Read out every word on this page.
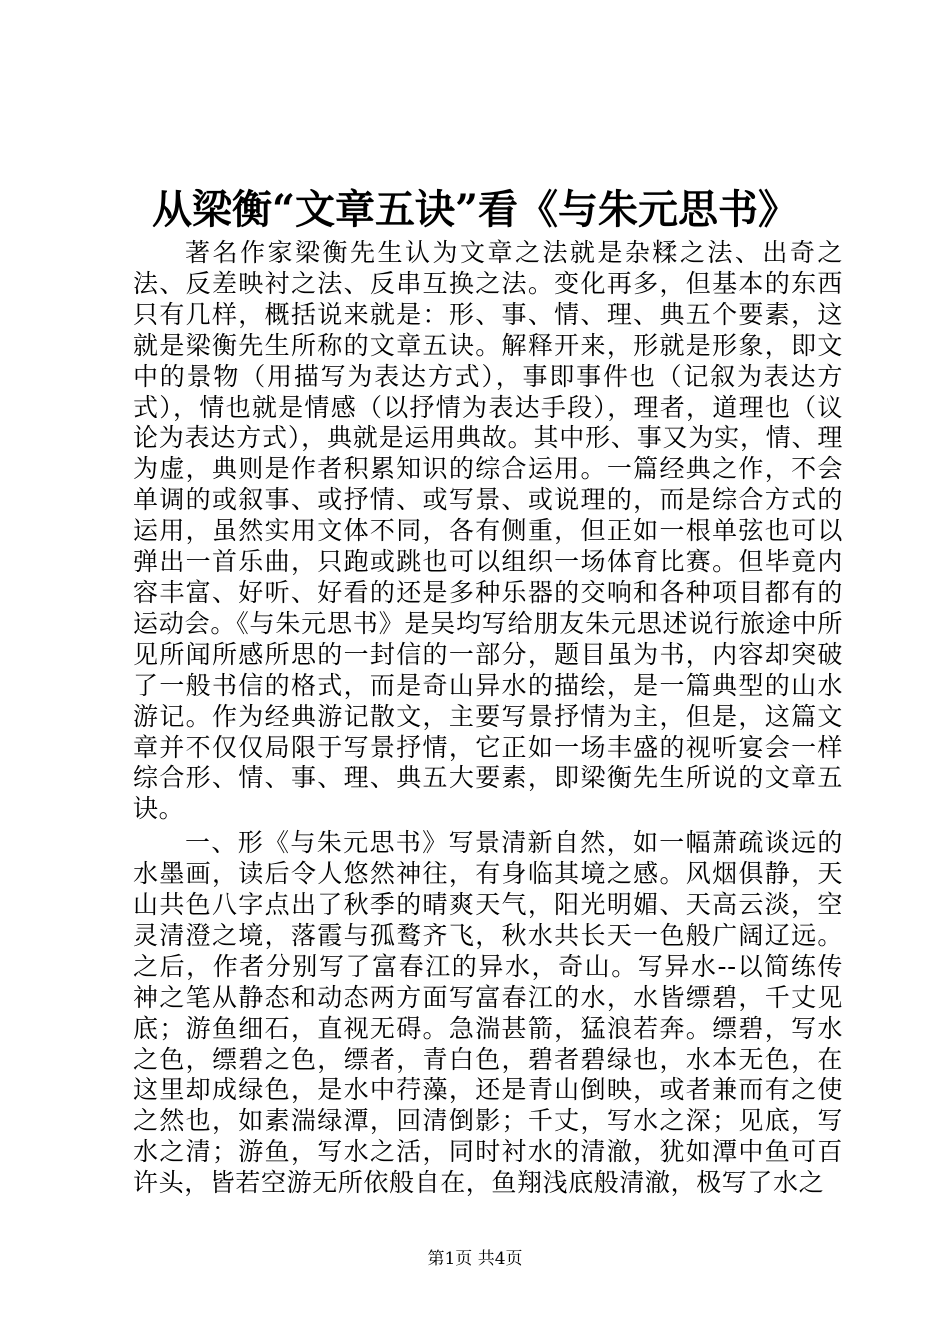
从梁衡“文章五诀”看《与朱元思书》

著名作家梁衡先生认为文章之法就是杂糅之法、出奇之法、反差映衬之法、反串互换之法。变化再多，但基本的东西只有几样，概括说来就是：形、事、情、理、典五个要素，这就是梁衡先生所称的文章五诀。解释开来，形就是形象，即文中的景物（用描写为表达方式），事即事件也（记叙为表达方式），情也就是情感（以抒情为表达手段），理者，道理也（议论为表达方式），典就是运用典故。其中形、事又为实，情、理为虚，典则是作者积累知识的综合运用。一篇经典之作，不会单调的或叙事、或抒情、或写景、或说理的，而是综合方式的运用，虽然实用文体不同，各有侧重，但正如一根单弦也可以弹出一首乐曲，只跑或跳也可以组织一场体育比赛。但毕竟内容丰富、好听、好看的还是多种乐器的交响和各种项目都有的运动会。《与朱元思书》是吴均写给朋友朱元思述说行旅途中所见所闻所感所思的一封信的一部分，题目虽为书，内容却突破了一般书信的格式，而是奇山异水的描绘，是一篇典型的山水游记。作为经典游记散文，主要写景抒情为主，但是，这篇文章并不仅仅局限于写景抒情，它正如一场丰盛的视听宴会一样综合形、情、事、理、典五大要素，即梁衡先生所说的文章五诀。

一、形《与朱元思书》写景清新自然，如一幅萧疏谈远的水墨画，读后令人悠然神往，有身临其境之感。风烟俱静，天山共色八字点出了秋季的晴爽天气，阳光明媚、天高云淡，空灵清澄之境，落霞与孤鹜齐飞，秋水共长天一色般广阔辽远。之后，作者分别写了富春江的异水，奇山。写异水--以简练传神之笔从静态和动态两方面写富春江的水，水皆缥碧，千丈见底；游鱼细石，直视无碍。急湍甚箭，猛浪若奔。缥碧，写水之色，缥碧之色，缥者，青白色，碧者碧绿也，水本无色，在这里却成绿色，是水中荇藻，还是青山倒映，或者兼而有之使之然也，如素湍绿潭，回清倒影；千丈，写水之深；见底，写水之清；游鱼，写水之活，同时衬水的清澈，犹如潭中鱼可百许头，皆若空游无所依般自在，鱼翔浅底般清澈，极写了水之

第1页 共4页
